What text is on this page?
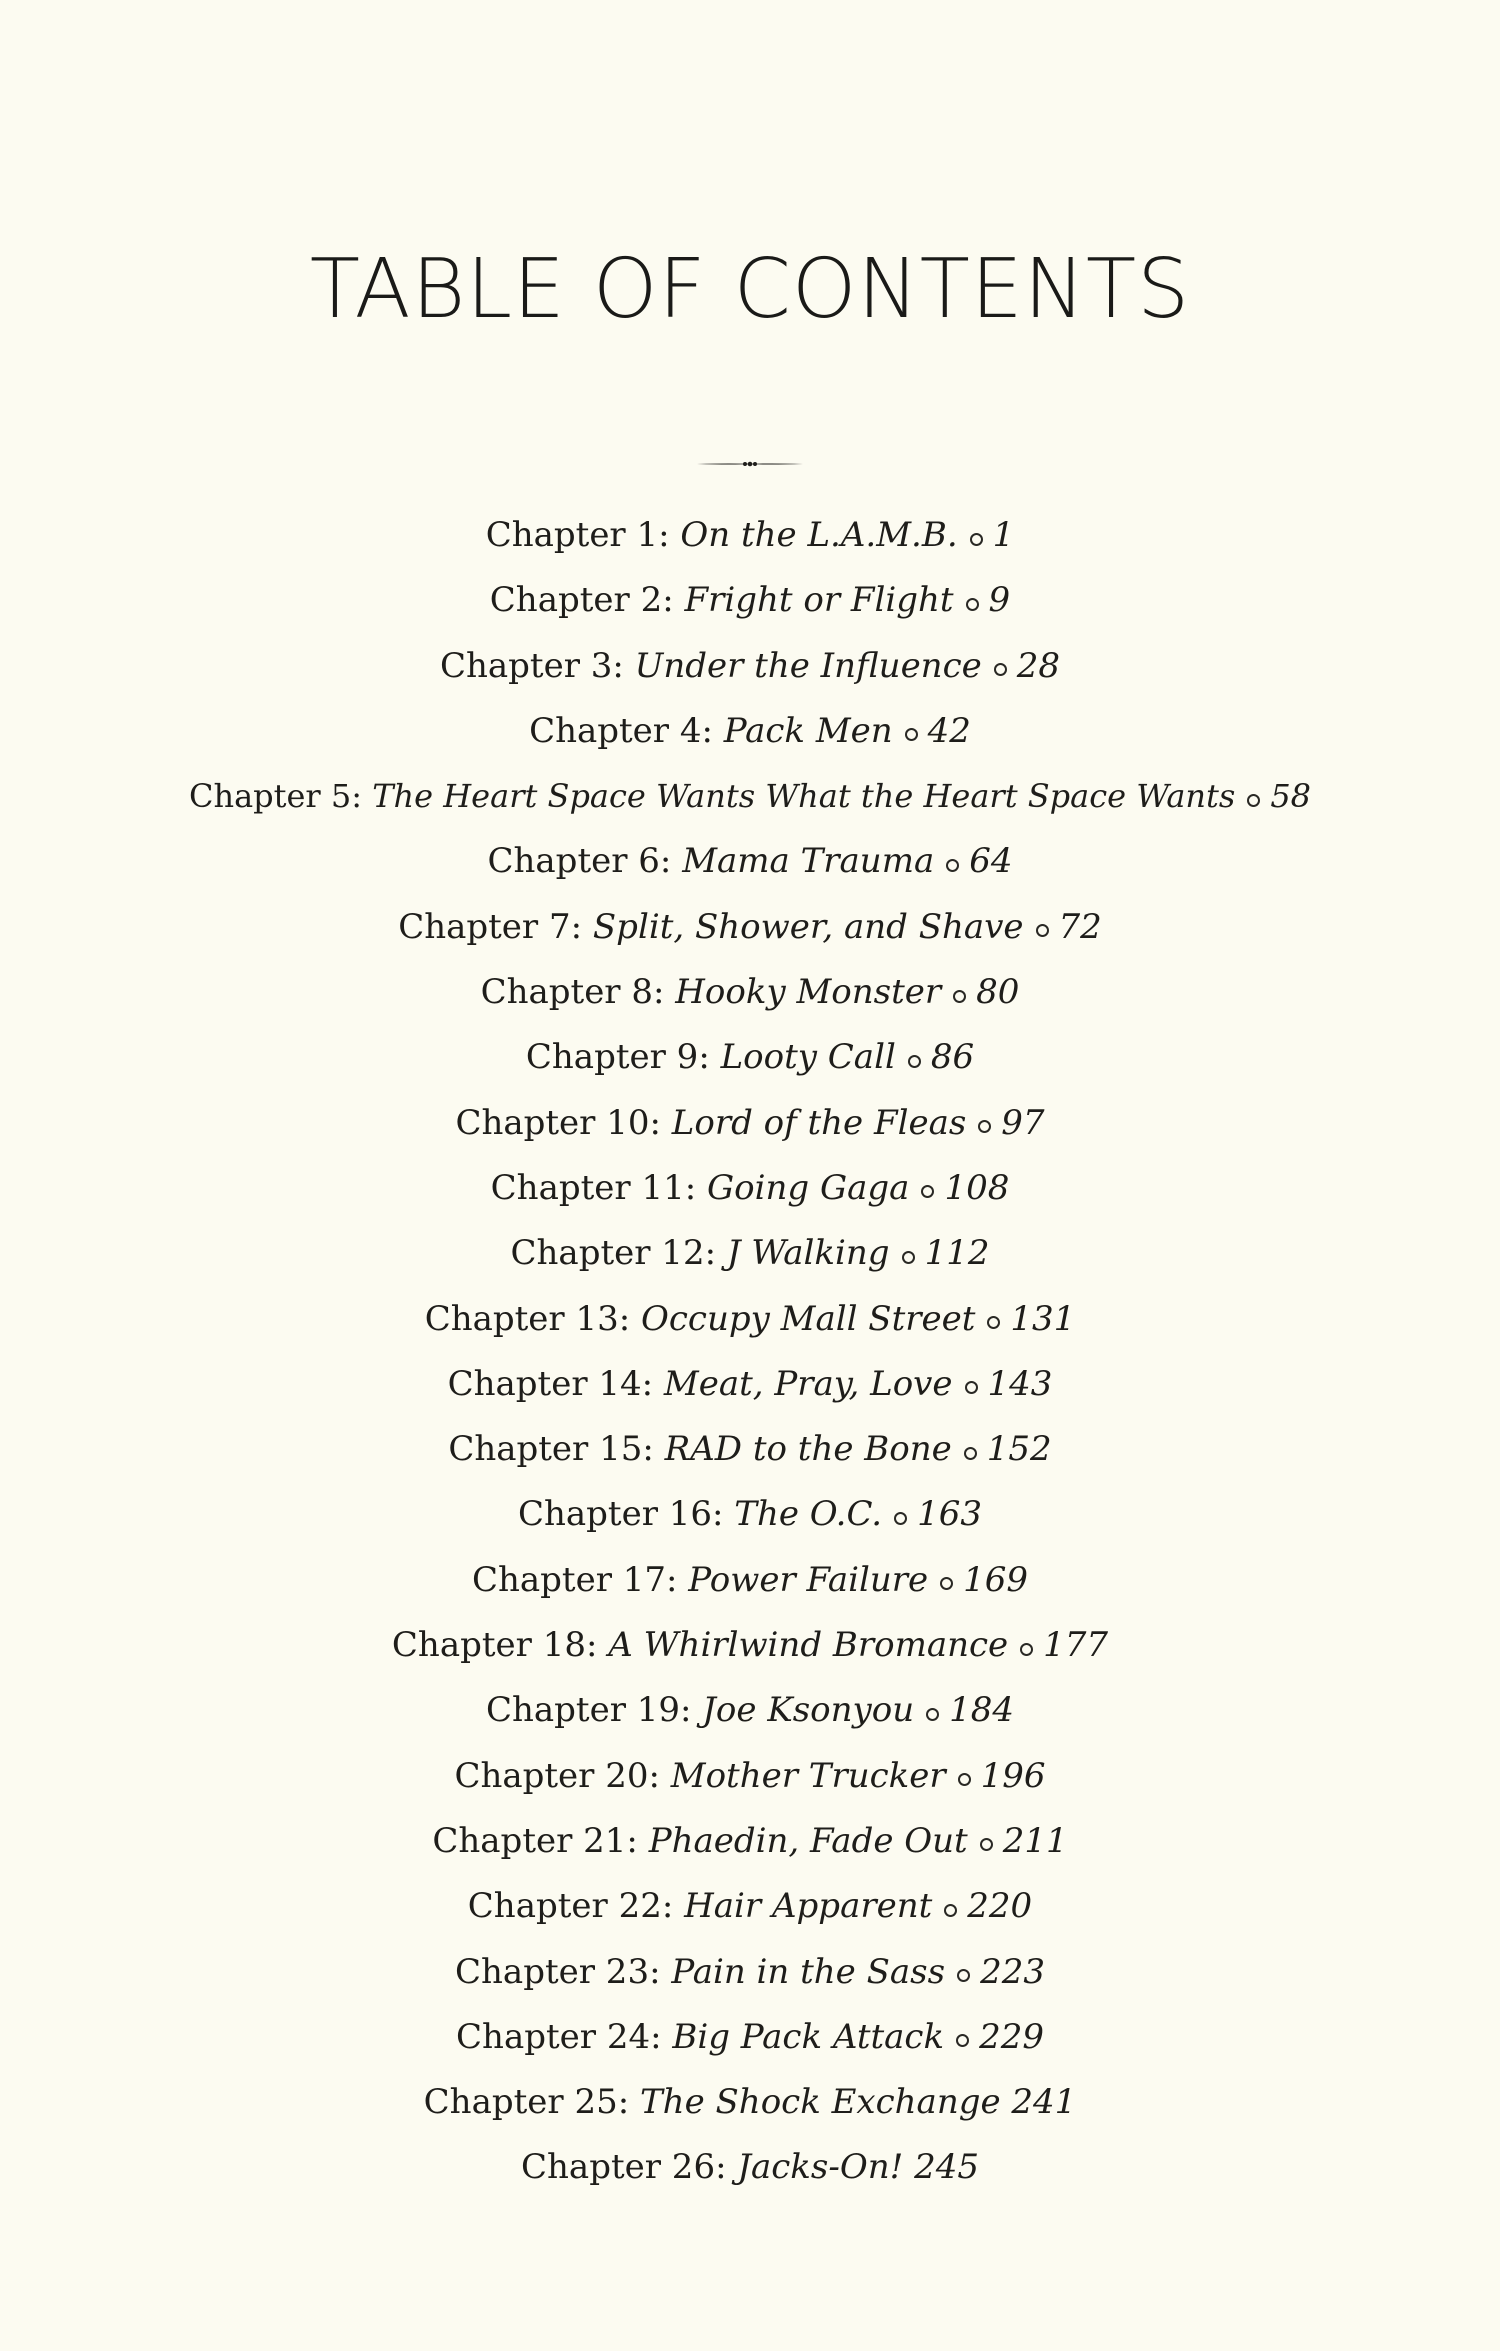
TABLE OF CONTENTS
Chapter 1: On the L.A.M.B. 1
Chapter 2: Fright or Flight 9
Chapter 3: Under the Influence 28
Chapter 4: Pack Men 42
Chapter 5: The Heart Space Wants What the Heart Space Wants 58
Chapter 6: Mama Trauma 64
Chapter 7: Split, Shower, and Shave 72
Chapter 8: Hooky Monster 80
Chapter 9: Looty Call 86
Chapter 10: Lord of the Fleas 97
Chapter 11: Going Gaga 108
Chapter 12: J Walking 112
Chapter 13: Occupy Mall Street 131
Chapter 14: Meat, Pray, Love 143
Chapter 15: RAD to the Bone 152
Chapter 16: The O.C. 163
Chapter 17: Power Failure 169
Chapter 18: A Whirlwind Bromance 177
Chapter 19: Joe Ksonyou 184
Chapter 20: Mother Trucker 196
Chapter 21: Phaedin, Fade Out 211
Chapter 22: Hair Apparent 220
Chapter 23: Pain in the Sass 223
Chapter 24: Big Pack Attack 229
Chapter 25: The Shock Exchange 241
Chapter 26: Jacks-On! 245
